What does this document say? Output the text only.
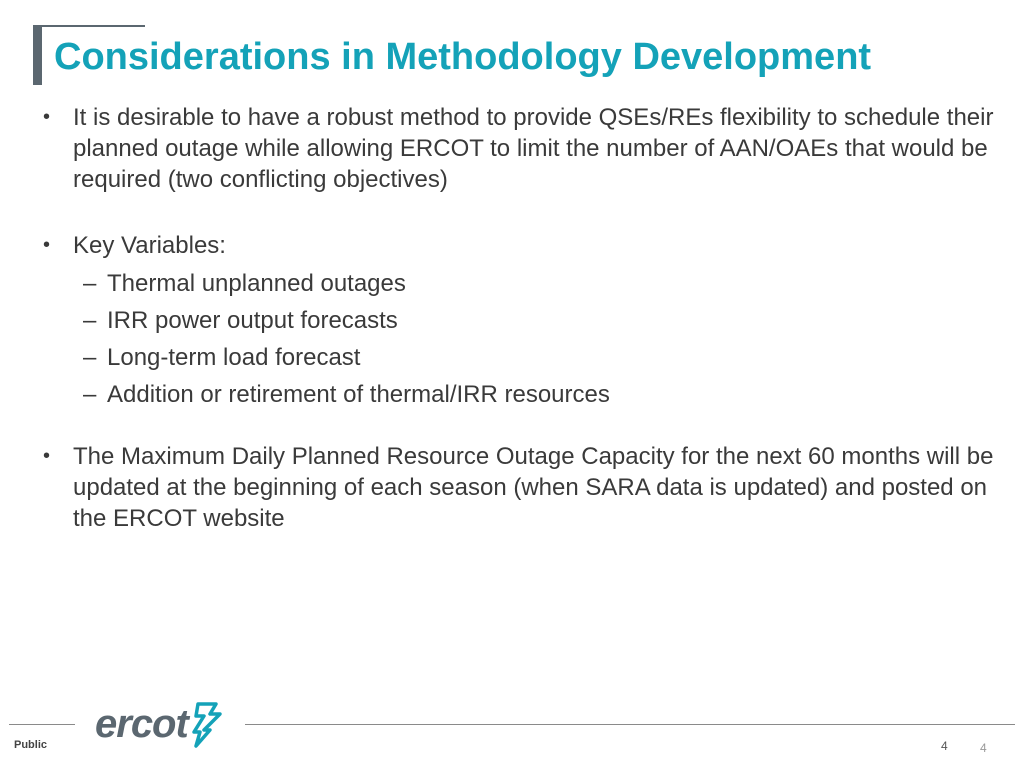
Considerations in Methodology Development
• It is desirable to have a robust method to provide QSEs/REs flexibility to schedule their planned outage while allowing ERCOT to limit the number of AAN/OAEs that would be required (two conflicting objectives)
• Key Variables:
– Thermal unplanned outages
– IRR power output forecasts
– Long-term load forecast
– Addition or retirement of thermal/IRR resources
• The Maximum Daily Planned Resource Outage Capacity for the next 60 months will be updated at the beginning of each season (when SARA data is updated) and posted on the ERCOT website
ercot
Public	4	4
